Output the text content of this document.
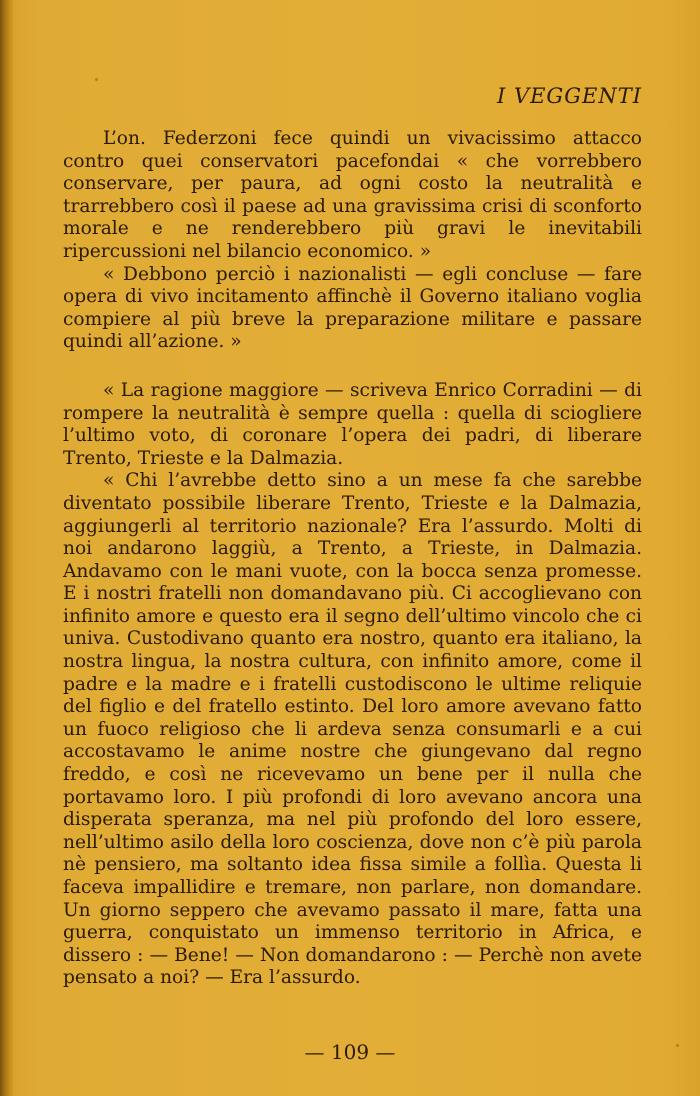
I VEGGENTI

L’on. Federzoni fece quindi un vivacissimo attacco contro quei conservatori pacefondai « che vorrebbero conservare, per paura, ad ogni costo la neutralità e trarrebbero così il paese ad una gravissima crisi di sconforto morale e ne renderebbero più gravi le inevitabili ripercussioni nel bilancio economico. »

« Debbono perciò i nazionalisti — egli concluse — fare opera di vivo incitamento affinchè il Governo italiano voglia compiere al più breve la preparazione militare e passare quindi all’azione. »

« La ragione maggiore — scriveva Enrico Corradini — di rompere la neutralità è sempre quella : quella di sciogliere l’ultimo voto, di coronare l’opera dei padri, di liberare Trento, Trieste e la Dalmazia.

« Chi l’avrebbe detto sino a un mese fa che sarebbe diventato possibile liberare Trento, Trieste e la Dalmazia, aggiungerli al territorio nazionale? Era l’assurdo. Molti di noi andarono laggiù, a Trento, a Trieste, in Dalmazia. Andavamo con le mani vuote, con la bocca senza promesse. E i nostri fratelli non domandavano più. Ci accoglievano con infinito amore e questo era il segno dell’ultimo vincolo che ci univa. Custodivano quanto era nostro, quanto era italiano, la nostra lingua, la nostra cultura, con infinito amore, come il padre e la madre e i fratelli custodiscono le ultime reliquie del figlio e del fratello estinto. Del loro amore avevano fatto un fuoco religioso che li ardeva senza consumarli e a cui accostavamo le anime nostre che giungevano dal regno freddo, e così ne ricevevamo un bene per il nulla che portavamo loro. I più profondi di loro avevano ancora una disperata speranza, ma nel più profondo del loro essere, nell’ultimo asilo della loro coscienza, dove non c’è più parola nè pensiero, ma soltanto idea fissa simile a follìa. Questa li faceva impallidire e tremare, non parlare, non domandare. Un giorno seppero che avevamo passato il mare, fatta una guerra, conquistato un immenso territorio in Africa, e dissero : — Bene! — Non domandarono : — Perchè non avete pensato a noi? — Era l’assurdo.

— 109 —
